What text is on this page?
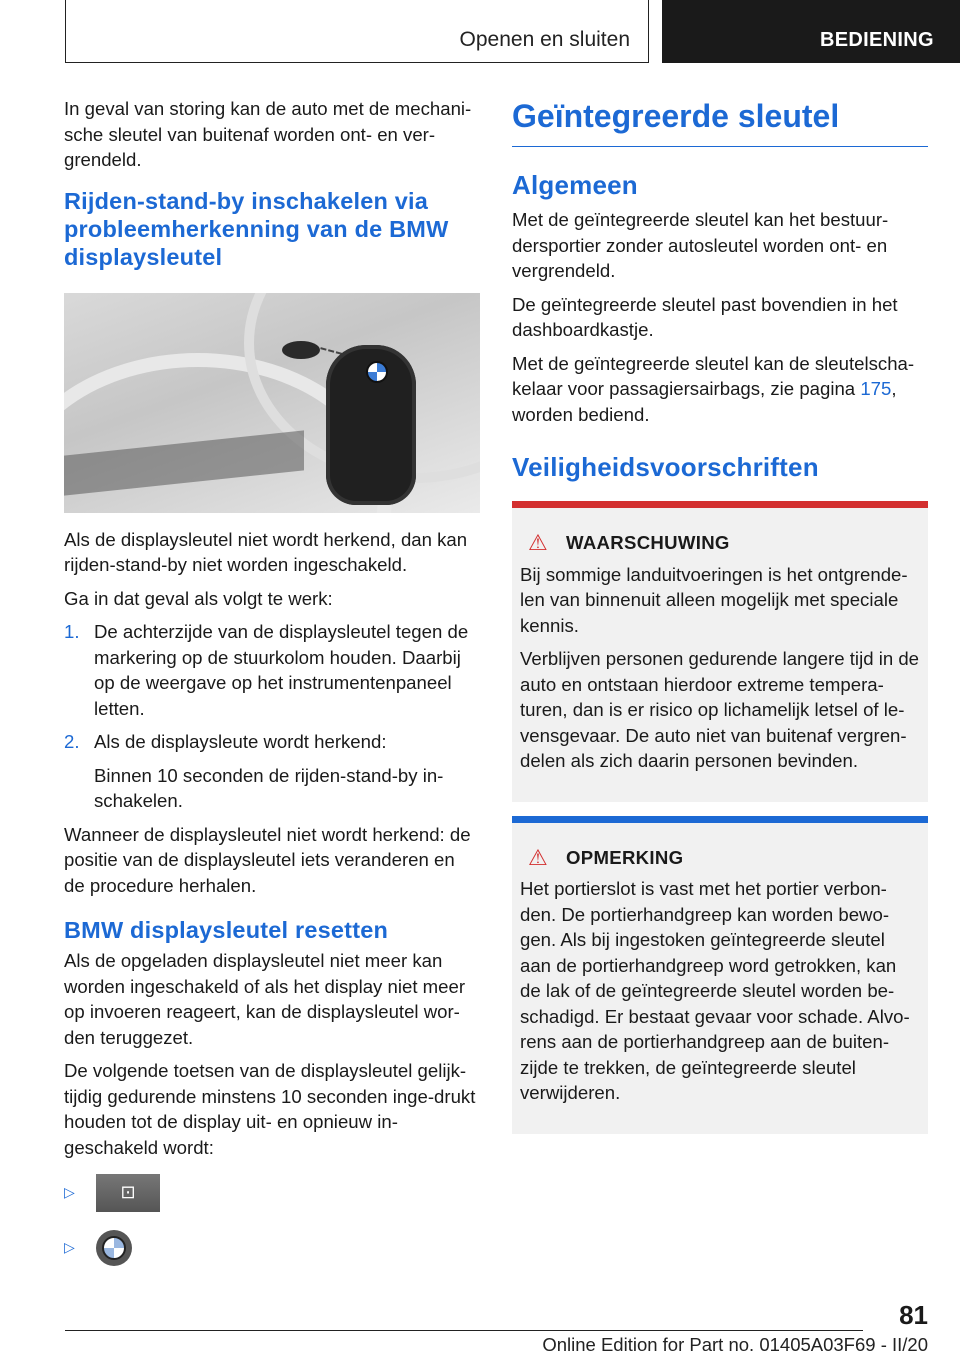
Openen en sluiten	BEDIENING

In geval van storing kan de auto met de mechani-sche sleutel van buitenaf worden ont- en ver-grendeld.

Rijden-stand-by inschakelen via probleemherkenning van de BMW displaysleutel

Als de displaysleutel niet wordt herkend, dan kan rijden-stand-by niet worden ingeschakeld.

Ga in dat geval als volgt te werk:

1. De achterzijde van de displaysleutel tegen de markering op de stuurkolom houden. Daarbij op de weergave op het instrumentenpaneel letten.
2. Als de displaysleute wordt herkend:
Binnen 10 seconden de rijden-stand-by in-schakelen.

Wanneer de displaysleutel niet wordt herkend: de positie van de displaysleutel iets veranderen en de procedure herhalen.

BMW displaysleutel resetten

Als de opgeladen displaysleutel niet meer kan worden ingeschakeld of als het display niet meer op invoeren reageert, kan de displaysleutel wor-den teruggezet.

De volgende toetsen van de displaysleutel gelijk-tijdig gedurende minstens 10 seconden inge-drukt houden tot de display uit- en opnieuw in-geschakeld wordt:

▷	⊡
▷
Geïntegreerde sleutel
Algemeen

Met de geïntegreerde sleutel kan het bestuur-dersportier zonder autosleutel worden ont- en vergrendeld.

De geïntegreerde sleutel past bovendien in het dashboardkastje.

Met de geïntegreerde sleutel kan de sleutelscha-kelaar voor passagiersairbags, zie pagina 175, worden bediend.

Veiligheidsvoorschriften
⚠ WAARSCHUWING

Bij sommige landuitvoeringen is het ontgrende-len van binnenuit alleen mogelijk met speciale kennis.

Verblijven personen gedurende langere tijd in de auto en ontstaan hierdoor extreme tempera-turen, dan is er risico op lichamelijk letsel of le-vensgevaar. De auto niet van buitenaf vergren-delen als zich daarin personen bevinden.

⚠ OPMERKING

Het portierslot is vast met het portier verbon-den. De portierhandgreep kan worden bewo-gen. Als bij ingestoken geïntegreerde sleutel aan de portierhandgreep word getrokken, kan de lak of de geïntegreerde sleutel worden be-schadigd. Er bestaat gevaar voor schade. Alvo-rens aan de portierhandgreep aan de buiten-zijde te trekken, de geïntegreerde sleutel verwijderen.

81
Online Edition for Part no. 01405A03F69 - II/20
